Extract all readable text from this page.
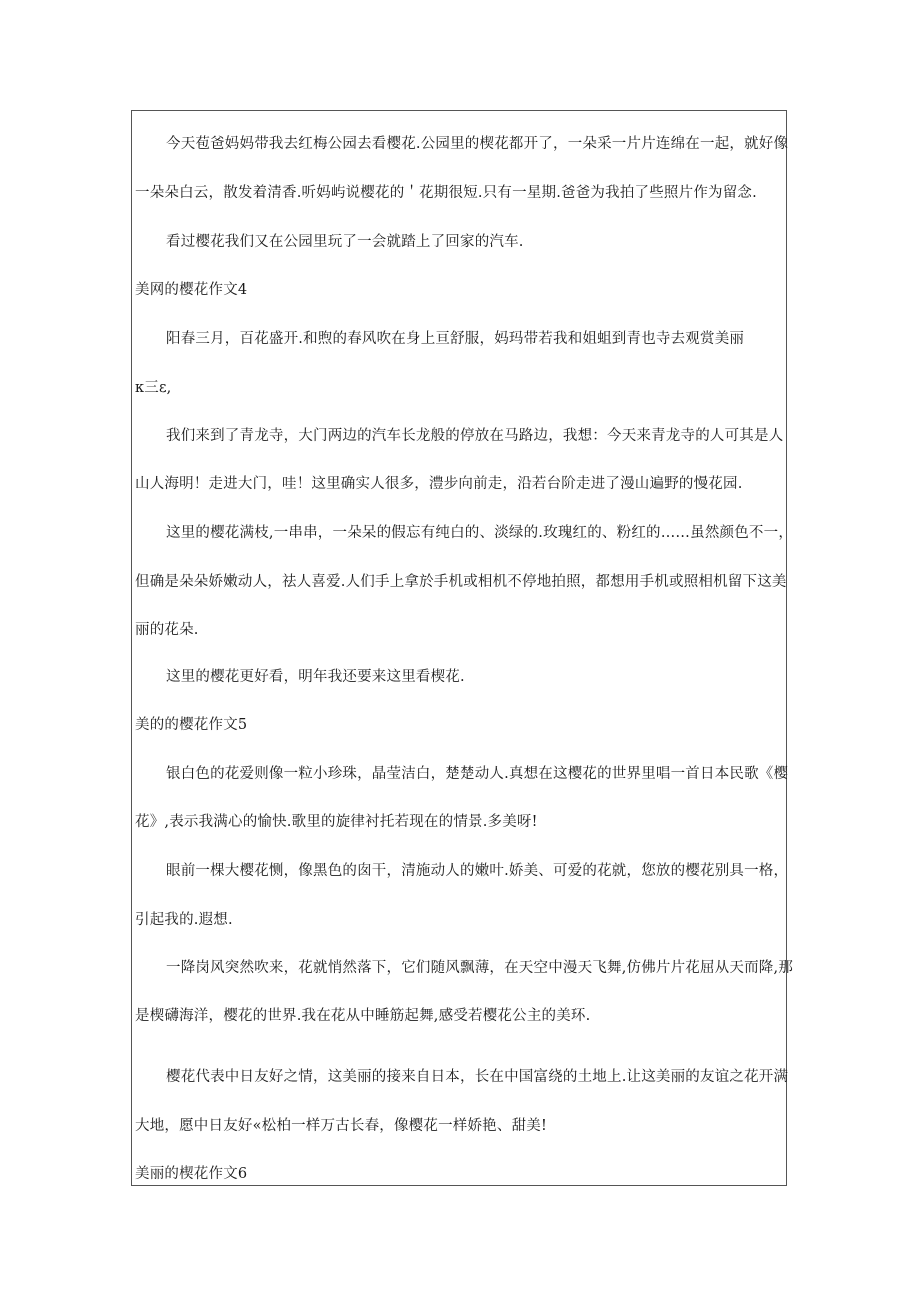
今天苞爸妈妈带我去红梅公园去看樱花.公园里的楔花都开了，一朵采一片片连绵在一起，就好像
一朵朵白云，散发着清香.听妈屿说樱花的＇花期很短.只有一星期.爸爸为我拍了些照片作为留念.
看过樱花我们又在公园里玩了一会就踏上了回家的汽车.
美网的樱花作文4
阳春三月，百花盛开.和煦的春风吹在身上亘舒服，妈玛带若我和姐蛆到青也寺去观赏美丽
κ三ε,
我们来到了青龙寺，大门两边的汽车长龙般的停放在马路边，我想：今天来青龙寺的人可其是人
山人海明！走进大门，哇！这里确实人很多，澧步向前走，沿若台阶走进了漫山遍野的慢花园.
这里的樱花满枝,一串串，一朵呆的假忘有纯白的、淡绿的.玫瑰红的、粉红的……虽然颜色不一，
但确是朵朵娇嫩动人，祛人喜爱.人们手上拿於手机或相机不停地拍照，都想用手机或照相机留下这美
丽的花朵.
这里的樱花更好看，明年我还要来这里看楔花.
美的的樱花作文5
银白色的花爱则像一粒小珍珠，晶莹洁白，楚楚动人.真想在这樱花的世界里唱一首日本民歌《樱
花》,表示我满心的愉快.歌里的旋律衬托若现在的情景.多美呀!
眼前一棵大樱花恻，像黑色的囱干，清施动人的嫩叶.娇美、可爱的花就，您放的樱花别具一格，
引起我的.遐想.
一降岗风突然吹来，花就悄然落下，它们随风飘薄，在天空中漫天飞舞,仿佛片片花屈从天而降,那
是楔礴海洋，樱花的世界.我在花从中睡筋起舞,感受若樱花公主的美环.
樱花代表中日友好之情，这美丽的接来自日本，长在中国富绕的土地上.让这美丽的友谊之花开满
大地，愿中日友好«松柏一样万古长春，像樱花一样娇艳、甜美!
美丽的楔花作文6
